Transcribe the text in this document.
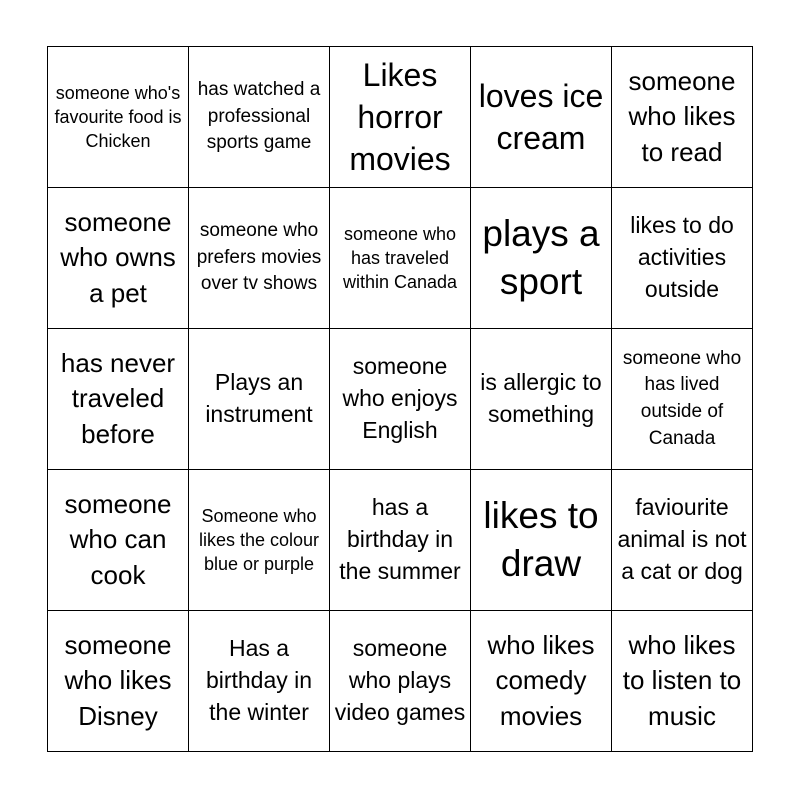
someone who's favourite food is Chicken
has watched a professional sports game
Likes horror movies
loves ice cream
someone who likes to read
someone who owns a pet
someone who prefers movies over tv shows
someone who has traveled within Canada
plays a sport
likes to do activities outside
has never traveled before
Plays an instrument
someone who enjoys English
is allergic to something
someone who has lived outside of Canada
someone who can cook
Someone who likes the colour blue or purple
has a birthday in the summer
likes to draw
faviourite animal is not a cat or dog
someone who likes Disney
Has a birthday in the winter
someone who plays video games
who likes comedy movies
who likes to listen to music
